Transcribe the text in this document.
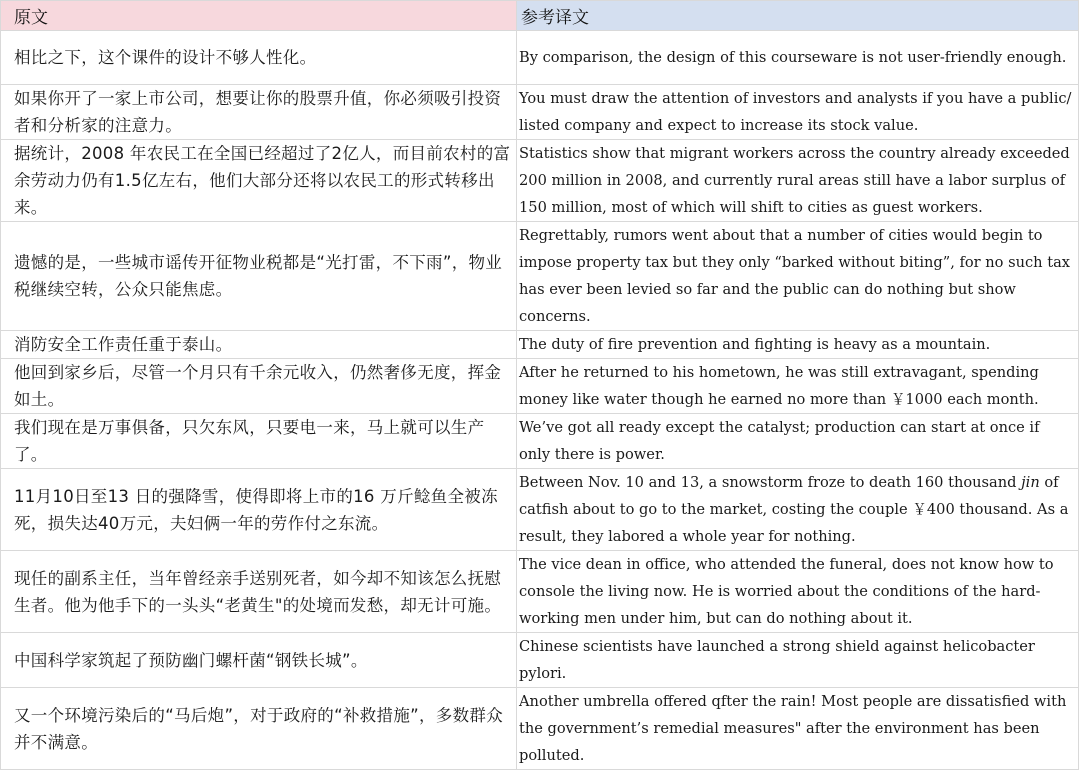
原文	参考译文
相比之下，这个课件的设计不够人性化。	By comparison, the design of this courseware is not user-friendly enough.
如果你开了一家上市公司，想要让你的股票升值，你必须吸引投资者和分析家的注意力。	You must draw the attention of investors and analysts if you have a public/ listed company and expect to increase its stock value.
据统计，2008 年农民工在全国已经超过了2亿人，而目前农村的富余劳动力仍有1.5亿左右，他们大部分还将以农民工的形式转移出来。	Statistics show that migrant workers across the country already exceeded 200 million in 2008, and currently rural areas still have a labor surplus of 150 million, most of which will shift to cities as guest workers.
遗憾的是，一些城市谣传开征物业税都是“光打雷，不下雨”，物业税继续空转，公众只能焦虑。	Regrettably, rumors went about that a number of cities would begin to impose property tax but they only “barked without biting”, for no such tax has ever been levied so far and the public can do nothing but show concerns.
消防安全工作责任重于泰山。	The duty of fire prevention and fighting is heavy as a mountain.
他回到家乡后，尽管一个月只有千余元收入，仍然奢侈无度，挥金如土。	After he returned to his hometown, he was still extravagant, spending money like water though he earned no more than ￥1000 each month.
我们现在是万事俱备，只欠东风，只要电一来，马上就可以生产了。	We’ve got all ready except the catalyst; production can start at once if only there is power.
11月10日至13 日的强降雪，使得即将上市的16 万斤鲶鱼全被冻死，损失达40万元，夫妇俩一年的劳作付之东流。	Between Nov. 10 and 13, a snowstorm froze to death 160 thousand jin of catfish about to go to the market, costing the couple ￥400 thousand. As a result, they labored a whole year for nothing.
现任的副系主任，当年曾经亲手送别死者，如今却不知该怎么抚慰生者。他为他手下的一头头“老黄生"的处境而发愁，却无计可施。	The vice dean in office, who attended the funeral, does not know how to console the living now. He is worried about the conditions of the hard-working men under him, but can do nothing about it.
中国科学家筑起了预防幽门螺杆菌“钢铁长城”。	Chinese scientists have launched a strong shield against helicobacter pylori.
又一个环境污染后的“马后炮”，对于政府的“补救措施”，多数群众并不满意。	Another umbrella offered qfter the rain! Most people are dissatisfied with the government’s remedial measures" after the environment has been polluted.
